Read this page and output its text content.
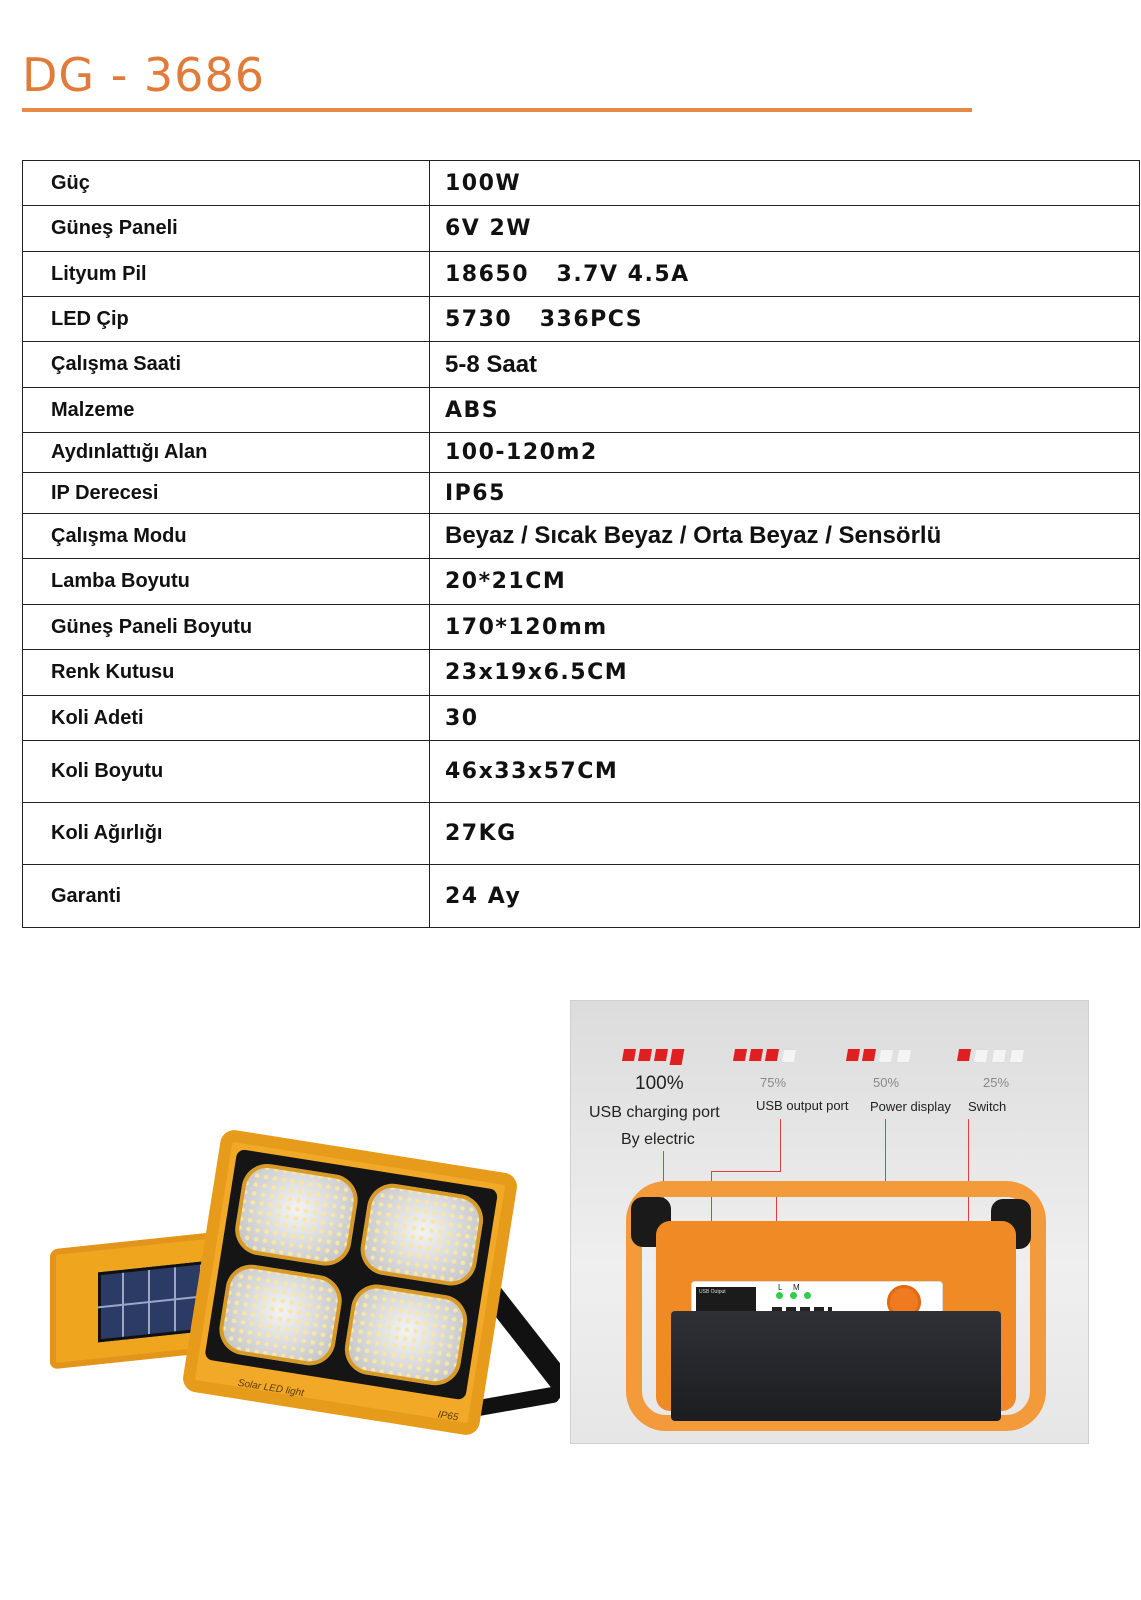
DG - 3686
Güç	100W
Güneş Paneli	6V 2W
Lityum Pil	18650   3.7V 4.5A
LED Çip	5730   336PCS
Çalışma Saati	5-8 Saat
Malzeme	ABS
Aydınlattığı Alan	100-120m2
IP Derecesi	IP65
Çalışma Modu	Beyaz / Sıcak Beyaz / Orta Beyaz / Sensörlü
Lamba Boyutu	20*21CM
Güneş Paneli Boyutu	170*120mm
Renk Kutusu	23x19x6.5CM
Koli Adeti	30
Koli Boyutu	46x33x57CM
Koli Ağırlığı	27KG
Garanti	24 Ay
Solar LED light
IP65
100%	75%	50%	25%
USB charging port
By electric
USB output port Power display Switch
USB Output	L M
